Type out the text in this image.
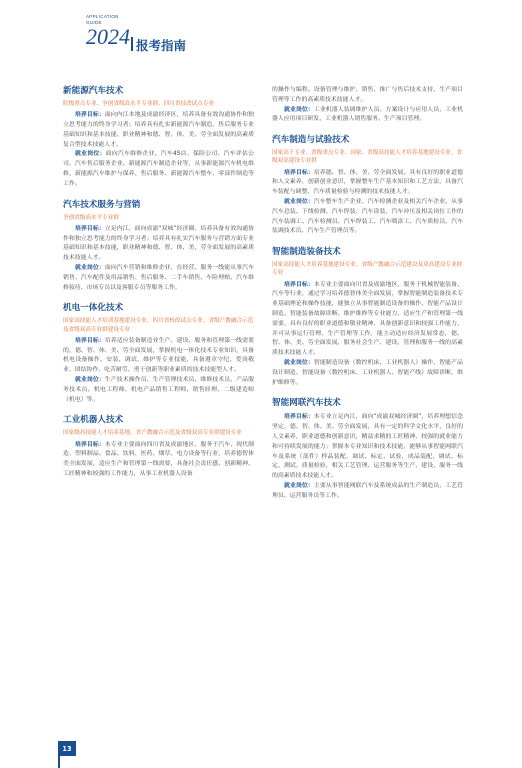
APPLICATION
GUIDE
2024 报考指南
新能源汽车技术
院级重点专业、争创省级高水平专业群、四川省技改试点专业

培养目标：面向内江本地及成渝经济区，培养具备有效沟通协作和独立思考能力的终身学习者；培养具有扎实新能源汽车制造、售后服务专业基础知识和基本技能、职业精神和德、智、体、美、劳全面发展的高素质复合型技术技能人才。

就业岗位：面向汽车维修企业、汽车4S店、保险公司、汽车评估公司、汽车售后服务企业、新能源汽车制造企业等，从事新能源汽车机电维修、新能源汽车维护与保养、售后服务、新能源汽车整车、零部件制造等工作。

汽车技术服务与营销
争创省级高水平专业群

培养目标：立足内江，面向成渝“双城”经济圈，培养具备有效沟通协作和独立思考能力的终身学习者；培养具有扎实汽车服务与营销方面专业基础知识和基本技能，职业精神和德、智、体、美、劳全面发展的高素质技术技能人才。

就业岗位：面向汽车营销和维修企业，在经营、服务一线能从事汽车销售、汽车配件及用品销售、售后服务、二手车销售、车险理赔、汽车维修接待、市场专员以及客服专员等服务工作。

机电一体化技术
国家高技能人才培训基地建设专业、四川省校改试点专业、省级产教融合示范及省级双高专业群建设专业

培养目标：培养适应装备制造业生产、建设、服务和管理第一线需要的，德、智、体、美、劳全面发展，掌握机电一体化技术专业知识，具备机电设备操作、安装、调试、维护等专业技能，具备遵章守纪、爱岗敬业、团结协作、吃苦耐劳、勇于创新等职业素质的技术技能型人才。

就业岗位：生产技术操作员、生产管理技术员、维修技术员、产品服务技术员、机电工程师、机电产品销售工程师、销售经理、二级建造师（机电）等。

工业机器人技术
国家级高技能人才培养基地、省产教融合示范及省级双高专业群建设专业

培养目标：本专业主要面向四川省及成渝地区，服务于汽车、现代制造、塑料制品、食品、饮料、医药、烟草、电力设备等行业，培养德智体美全面发展，适应生产和管理第一线需要，具备社会责任感、创新精神、工匠精神和较强的工作能力，从事工业机器人设备

的操作与编程、设备管理与维护、销售、推广与售后技术支持，生产项目管理等工作的高素质技术技能人才。

就业岗位：工业机器人装调维护人员、方案设计与应用人员、工业机器人应用项目研发、工业机器人销售服务、生产项目管理。

汽车制造与试验技术
国家高千专业、省级重点专业、国家、省级高技能人才培养基地建设专业、省级双高建设专业群

培养目标：培养德、智、体、美、劳全面发展，具有良好的职业道德和人文素养，创新创业意识，掌握整车生产基本知识和工艺方法，具备汽车装配与调整、汽车质量检验与检测的技术技能人才。

就业岗位：汽车整车生产企业、汽车检测企业及相关汽车企业。从事汽车总装、下线检测、汽车焊装、汽车涂装、汽车冲压及相关岗位工作的汽车装调工、汽车检测员、汽车焊装工、汽车喷涂工、汽车质检员、汽车装调技术员、汽车生产管理员等。

智能制造装备技术
国家高技能人才培养基地建设专业、省级产教融合示范建设及双高建设专业群专业

培养目标：本专业主要面向川省及成渝地区，服务于机械智能装备、汽车等行业，通过学习培养德智体美全面发展，掌握智能制造装备技术专业基础理论和操作技能，能独立从事智能制造设备的操作、智能产品设计制造、智能装备故障诊断、维护维修等专业能力，适应生产和管理第一线需要，具有良好的职业道德和敬业精神，具备创新意识和较强工作能力，并可从事运行管理、生产管理等工作，能主动适应经济发展常态，德、智、体、美、劳全面发展，服务社会生产、建设、管理和服务一线的高素质技术技能人才。

就业岗位：智能制造设备（数控机床、工业机器人）操作、智能产品设计制造、智能设备（数控机床、工业机器人、智能产线）故障诊断、维护维修等。

智能网联汽车技术

培养目标：本专业立足内江，面向“成渝双城经济圈”，培养理想信念坚定，德、智、体、美、劳全面发展，具有一定的科学文化水平，良好的人文素养，职业道德和创新意识，精益求精的工匠精神，较强的就业能力和可持续发展的能力；掌握本专业知识和技术技能，能够从事智能网联汽车及系统（部件）样品装配、调试、标定、试验，成品装配、调试、标定、测试、质量检验，相关工艺管理、运营服务等生产、建设、服务一线的高素质技术技能人才。

就业岗位：主要从事智能网联汽车及系统成品的生产制造员、工艺管理员、运营服务员等工作。

13
